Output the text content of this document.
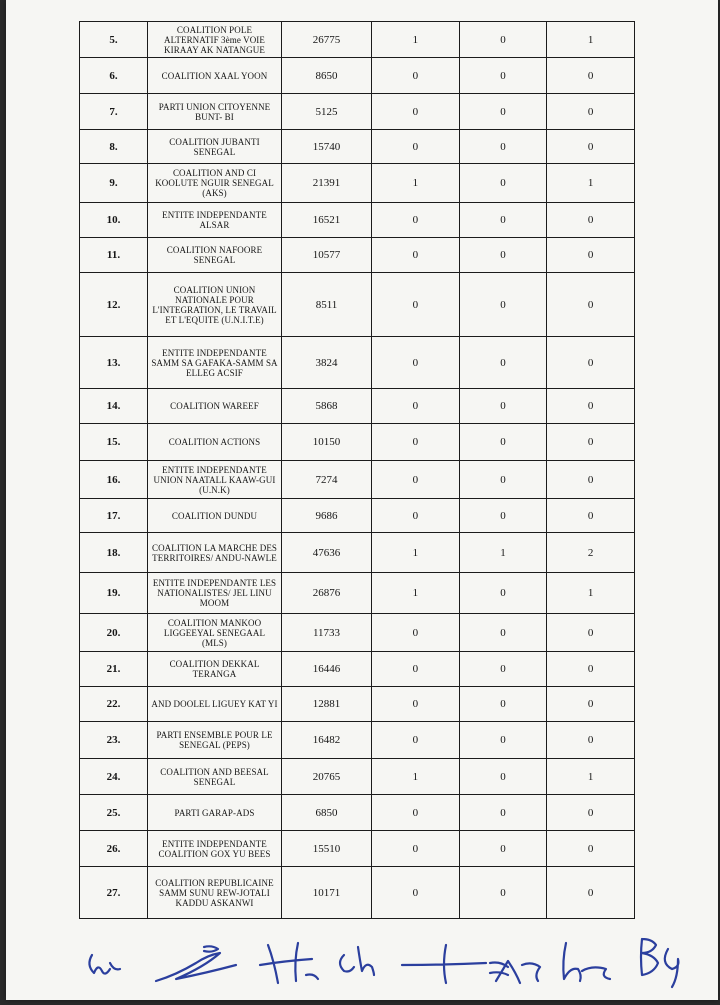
5.	COALITION POLE ALTERNATIF 3ème VOIE KIRAAY AK NATANGUE	26775	1	0	1
6.	COALITION XAAL YOON	8650	0	0	0
7.	PARTI UNION CITOYENNE BUNT- BI	5125	0	0	0
8.	COALITION JUBANTI SENEGAL	15740	0	0	0
9.	COALITION AND CI KOOLUTE NGUIR SENEGAL (AKS)	21391	1	0	1
10.	ENTITE INDEPENDANTE ALSAR	16521	0	0	0
11.	COALITION NAFOORE SENEGAL	10577	0	0	0
12.	COALITION UNION NATIONALE POUR L'INTEGRATION, LE TRAVAIL ET L'EQUITE (U.N.I.T.E)	8511	0	0	0
13.	ENTITE INDEPENDANTE SAMM SA GAFAKA-SAMM SA ELLEG ACSIF	3824	0	0	0
14.	COALITION WAREEF	5868	0	0	0
15.	COALITION ACTIONS	10150	0	0	0
16.	ENTITE INDEPENDANTE UNION NAATALL KAAW-GUI (U.N.K)	7274	0	0	0
17.	COALITION DUNDU	9686	0	0	0
18.	COALITION LA MARCHE DES TERRITOIRES/ ANDU-NAWLE	47636	1	1	2
19.	ENTITE INDEPENDANTE LES NATIONALISTES/ JEL LINU MOOM	26876	1	0	1
20.	COALITION MANKOO LIGGEEYAL SENEGAAL (MLS)	11733	0	0	0
21.	COALITION DEKKAL TERANGA	16446	0	0	0
22.	AND DOOLEL LIGUEY KAT YI	12881	0	0	0
23.	PARTI ENSEMBLE POUR LE SENEGAL (PEPS)	16482	0	0	0
24.	COALITION AND BEESAL SENEGAL	20765	1	0	1
25.	PARTI GARAP-ADS	6850	0	0	0
26.	ENTITE INDEPENDANTE COALITION GOX YU BEES	15510	0	0	0
27.	COALITION REPUBLICAINE SAMM SUNU REW-JOTALI KADDU ASKANWI	10171	0	0	0
